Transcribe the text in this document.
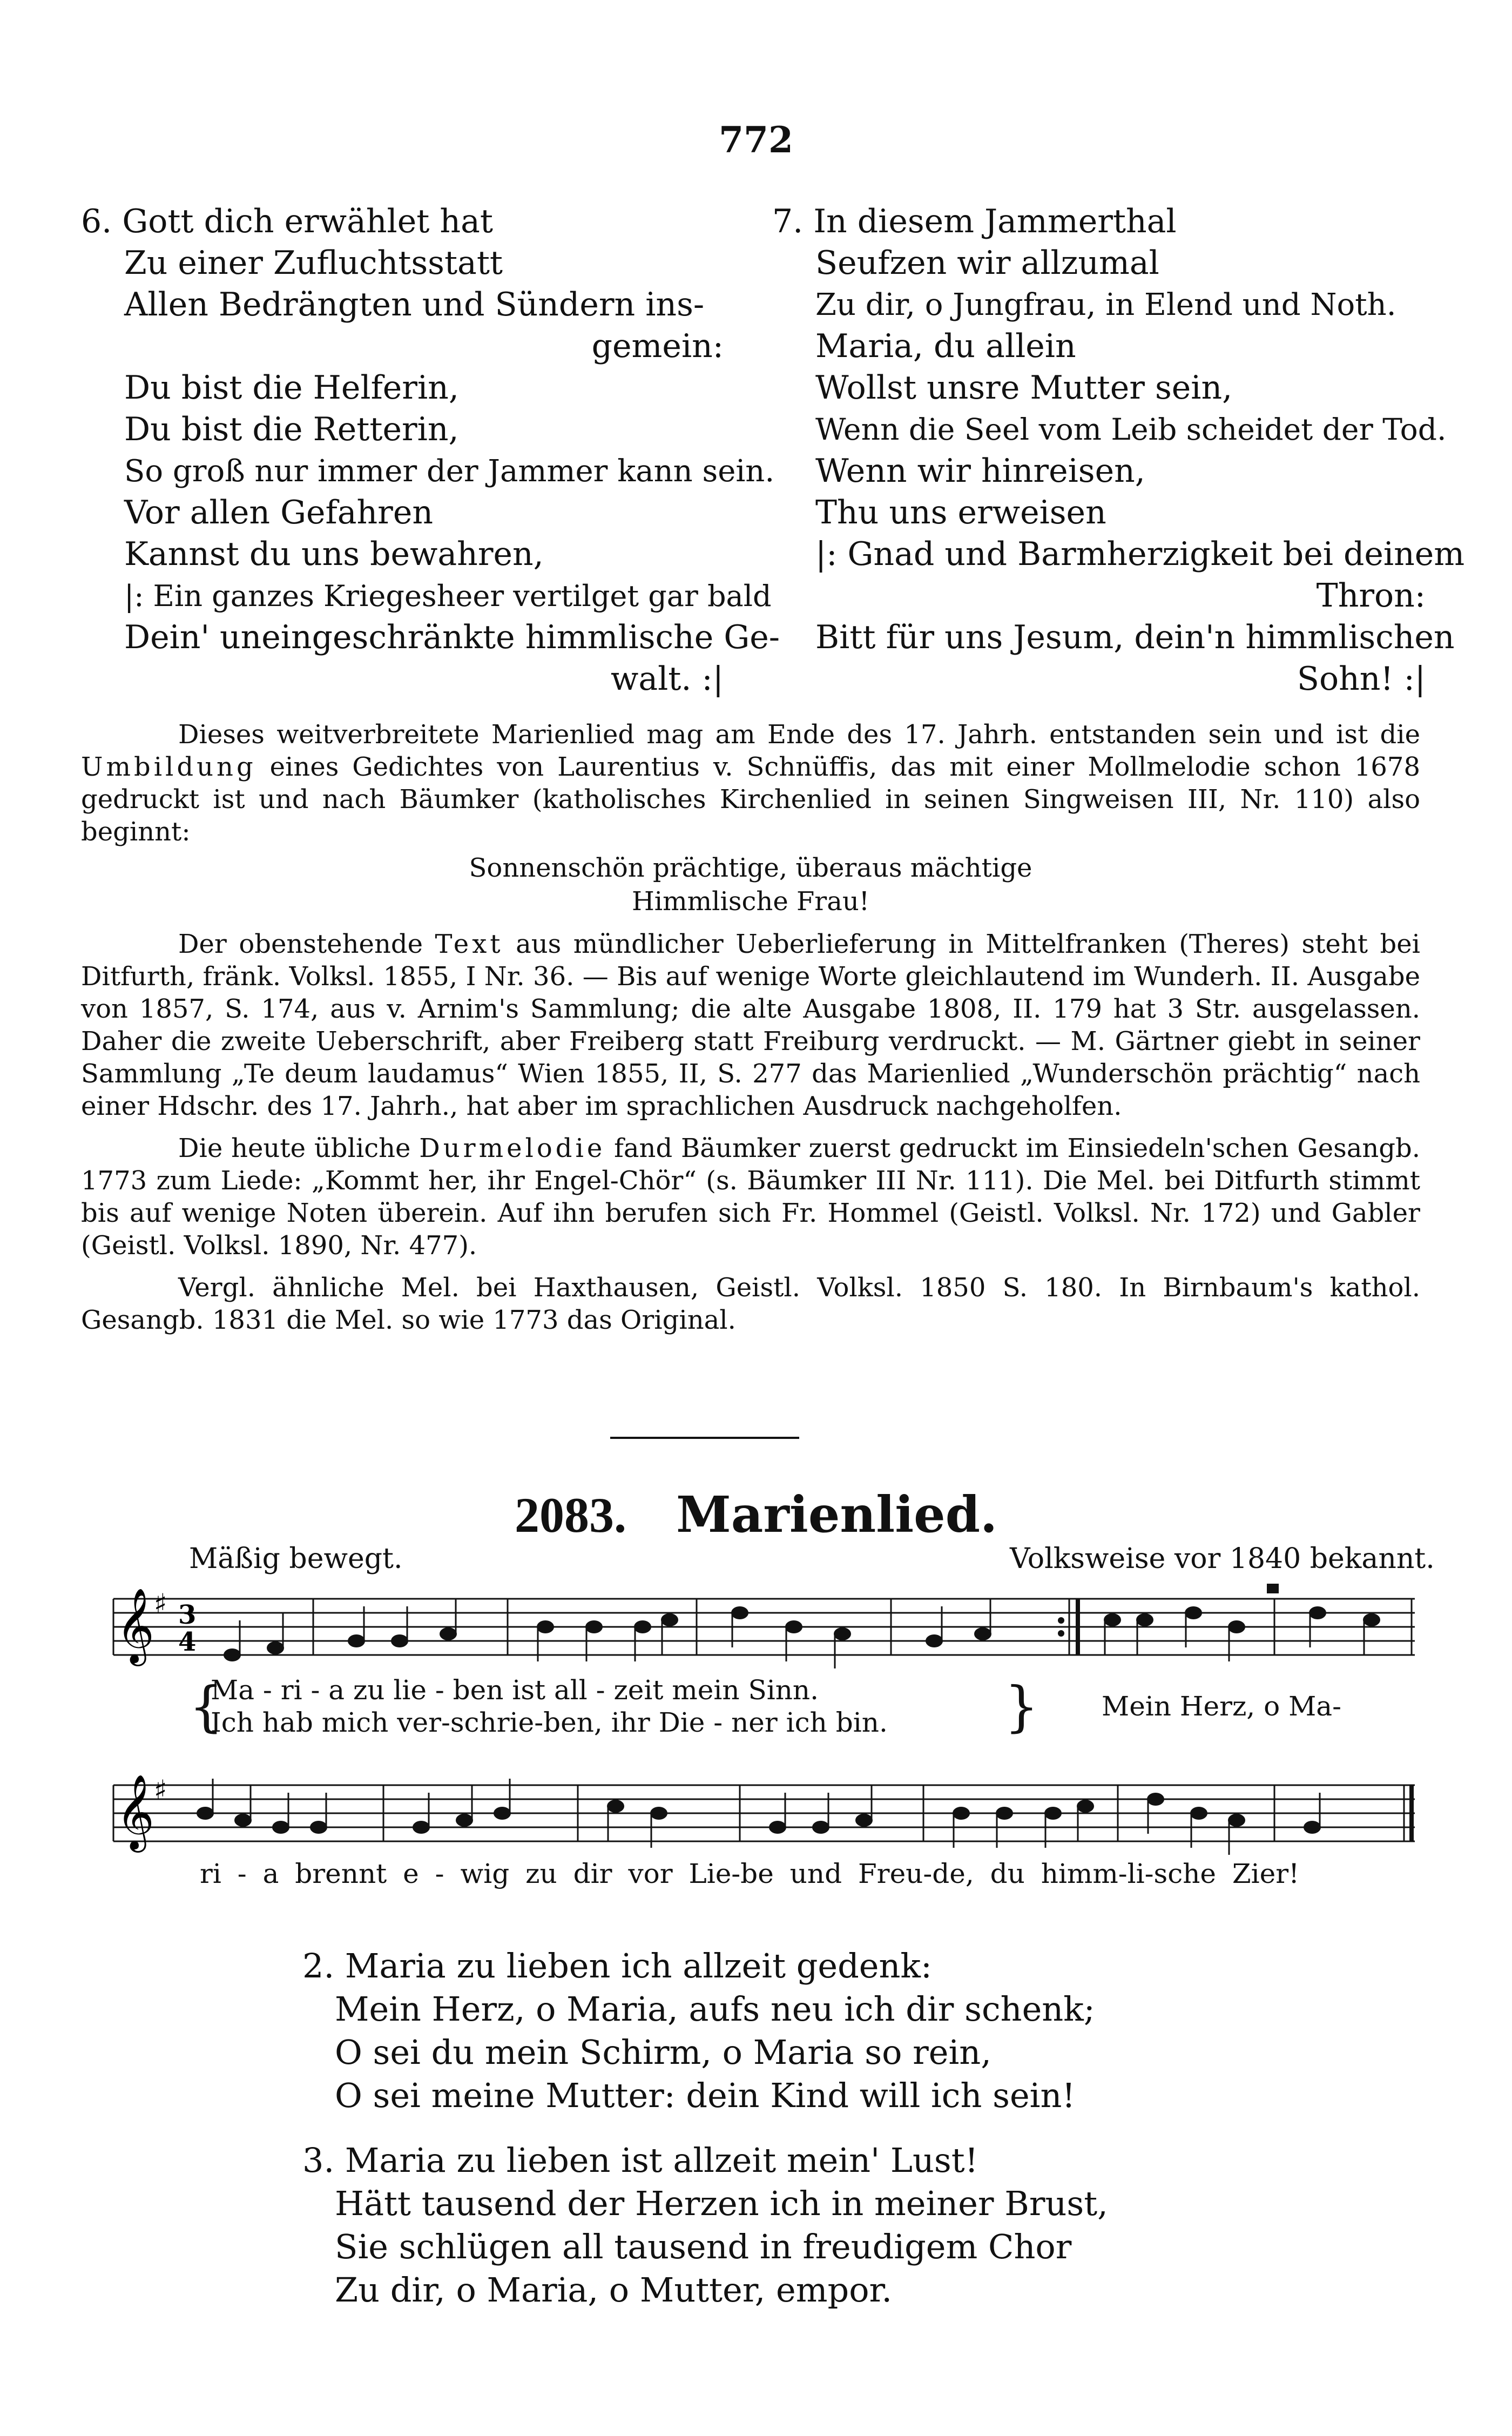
772
6. Gott dich erwählet hat
Zu einer Zufluchtsstatt
Allen Bedrängten und Sündern ins-
gemein:
Du bist die Helferin,
Du bist die Retterin,
So groß nur immer der Jammer kann sein.
Vor allen Gefahren
Kannst du uns bewahren,
|: Ein ganzes Kriegesheer vertilget gar bald
Dein' uneingeschränkte himmlische Ge-
walt. :|
7. In diesem Jammerthal
Seufzen wir allzumal
Zu dir, o Jungfrau, in Elend und Noth.
Maria, du allein
Wollst unsre Mutter sein,
Wenn die Seel vom Leib scheidet der Tod.
Wenn wir hinreisen,
Thu uns erweisen
|: Gnad und Barmherzigkeit bei deinem
Thron:
Bitt für uns Jesum, dein'n himmlischen
Sohn! :|

Dieses weitverbreitete Marienlied mag am Ende des 17. Jahrh. entstanden sein und ist die Umbildung eines Gedichtes von Laurentius v. Schnüffis, das mit einer Mollmelodie schon 1678 gedruckt ist und nach Bäumker (katholisches Kirchenlied in seinen Singweisen III, Nr. 110) also beginnt:

Sonnenschön prächtige, überaus mächtige
Himmlische Frau!

Der obenstehende Text aus mündlicher Ueberlieferung in Mittelfranken (Theres) steht bei Ditfurth, fränk. Volksl. 1855, I Nr. 36. — Bis auf wenige Worte gleichlautend im Wunderh. II. Ausgabe von 1857, S. 174, aus v. Arnim's Sammlung; die alte Ausgabe 1808, II. 179 hat 3 Str. ausgelassen. Daher die zweite Ueberschrift, aber Freiberg statt Freiburg verdruckt. — M. Gärtner giebt in seiner Sammlung „Te deum laudamus“ Wien 1855, II, S. 277 das Marienlied „Wunderschön prächtig“ nach einer Hdschr. des 17. Jahrh., hat aber im sprachlichen Ausdruck nachgeholfen.

Die heute übliche Durmelodie fand Bäumker zuerst gedruckt im Einsiedeln'schen Gesangb. 1773 zum Liede: „Kommt her, ihr Engel-Chör“ (s. Bäumker III Nr. 111). Die Mel. bei Ditfurth stimmt bis auf wenige Noten überein. Auf ihn berufen sich Fr. Hommel (Geistl. Volksl. Nr. 172) und Gabler (Geistl. Volksl. 1890, Nr. 477).

Vergl. ähnliche Mel. bei Haxthausen, Geistl. Volksl. 1850 S. 180. In Birnbaum's kathol. Gesangb. 1831 die Mel. so wie 1773 das Original.

2083. Marienlied.
Mäßig bewegt.	Volksweise vor 1840 bekannt.
𝄞 ♯ 3
4
Ma - ri - a zu lie - ben ist all - zeit mein Sinn.
Ich hab mich ver-schrie-ben, ihr Die - ner ich bin.
{	} Mein Herz, o Ma-
𝄞 ♯
ri - a brennt e - wig zu dir vor Lie-be und Freu-de, du himm-li-sche Zier!
2. Maria zu lieben ich allzeit gedenk:
Mein Herz, o Maria, aufs neu ich dir schenk;
O sei du mein Schirm, o Maria so rein,
O sei meine Mutter: dein Kind will ich sein!
3. Maria zu lieben ist allzeit mein' Lust!
Hätt tausend der Herzen ich in meiner Brust,
Sie schlügen all tausend in freudigem Chor
Zu dir, o Maria, o Mutter, empor.
